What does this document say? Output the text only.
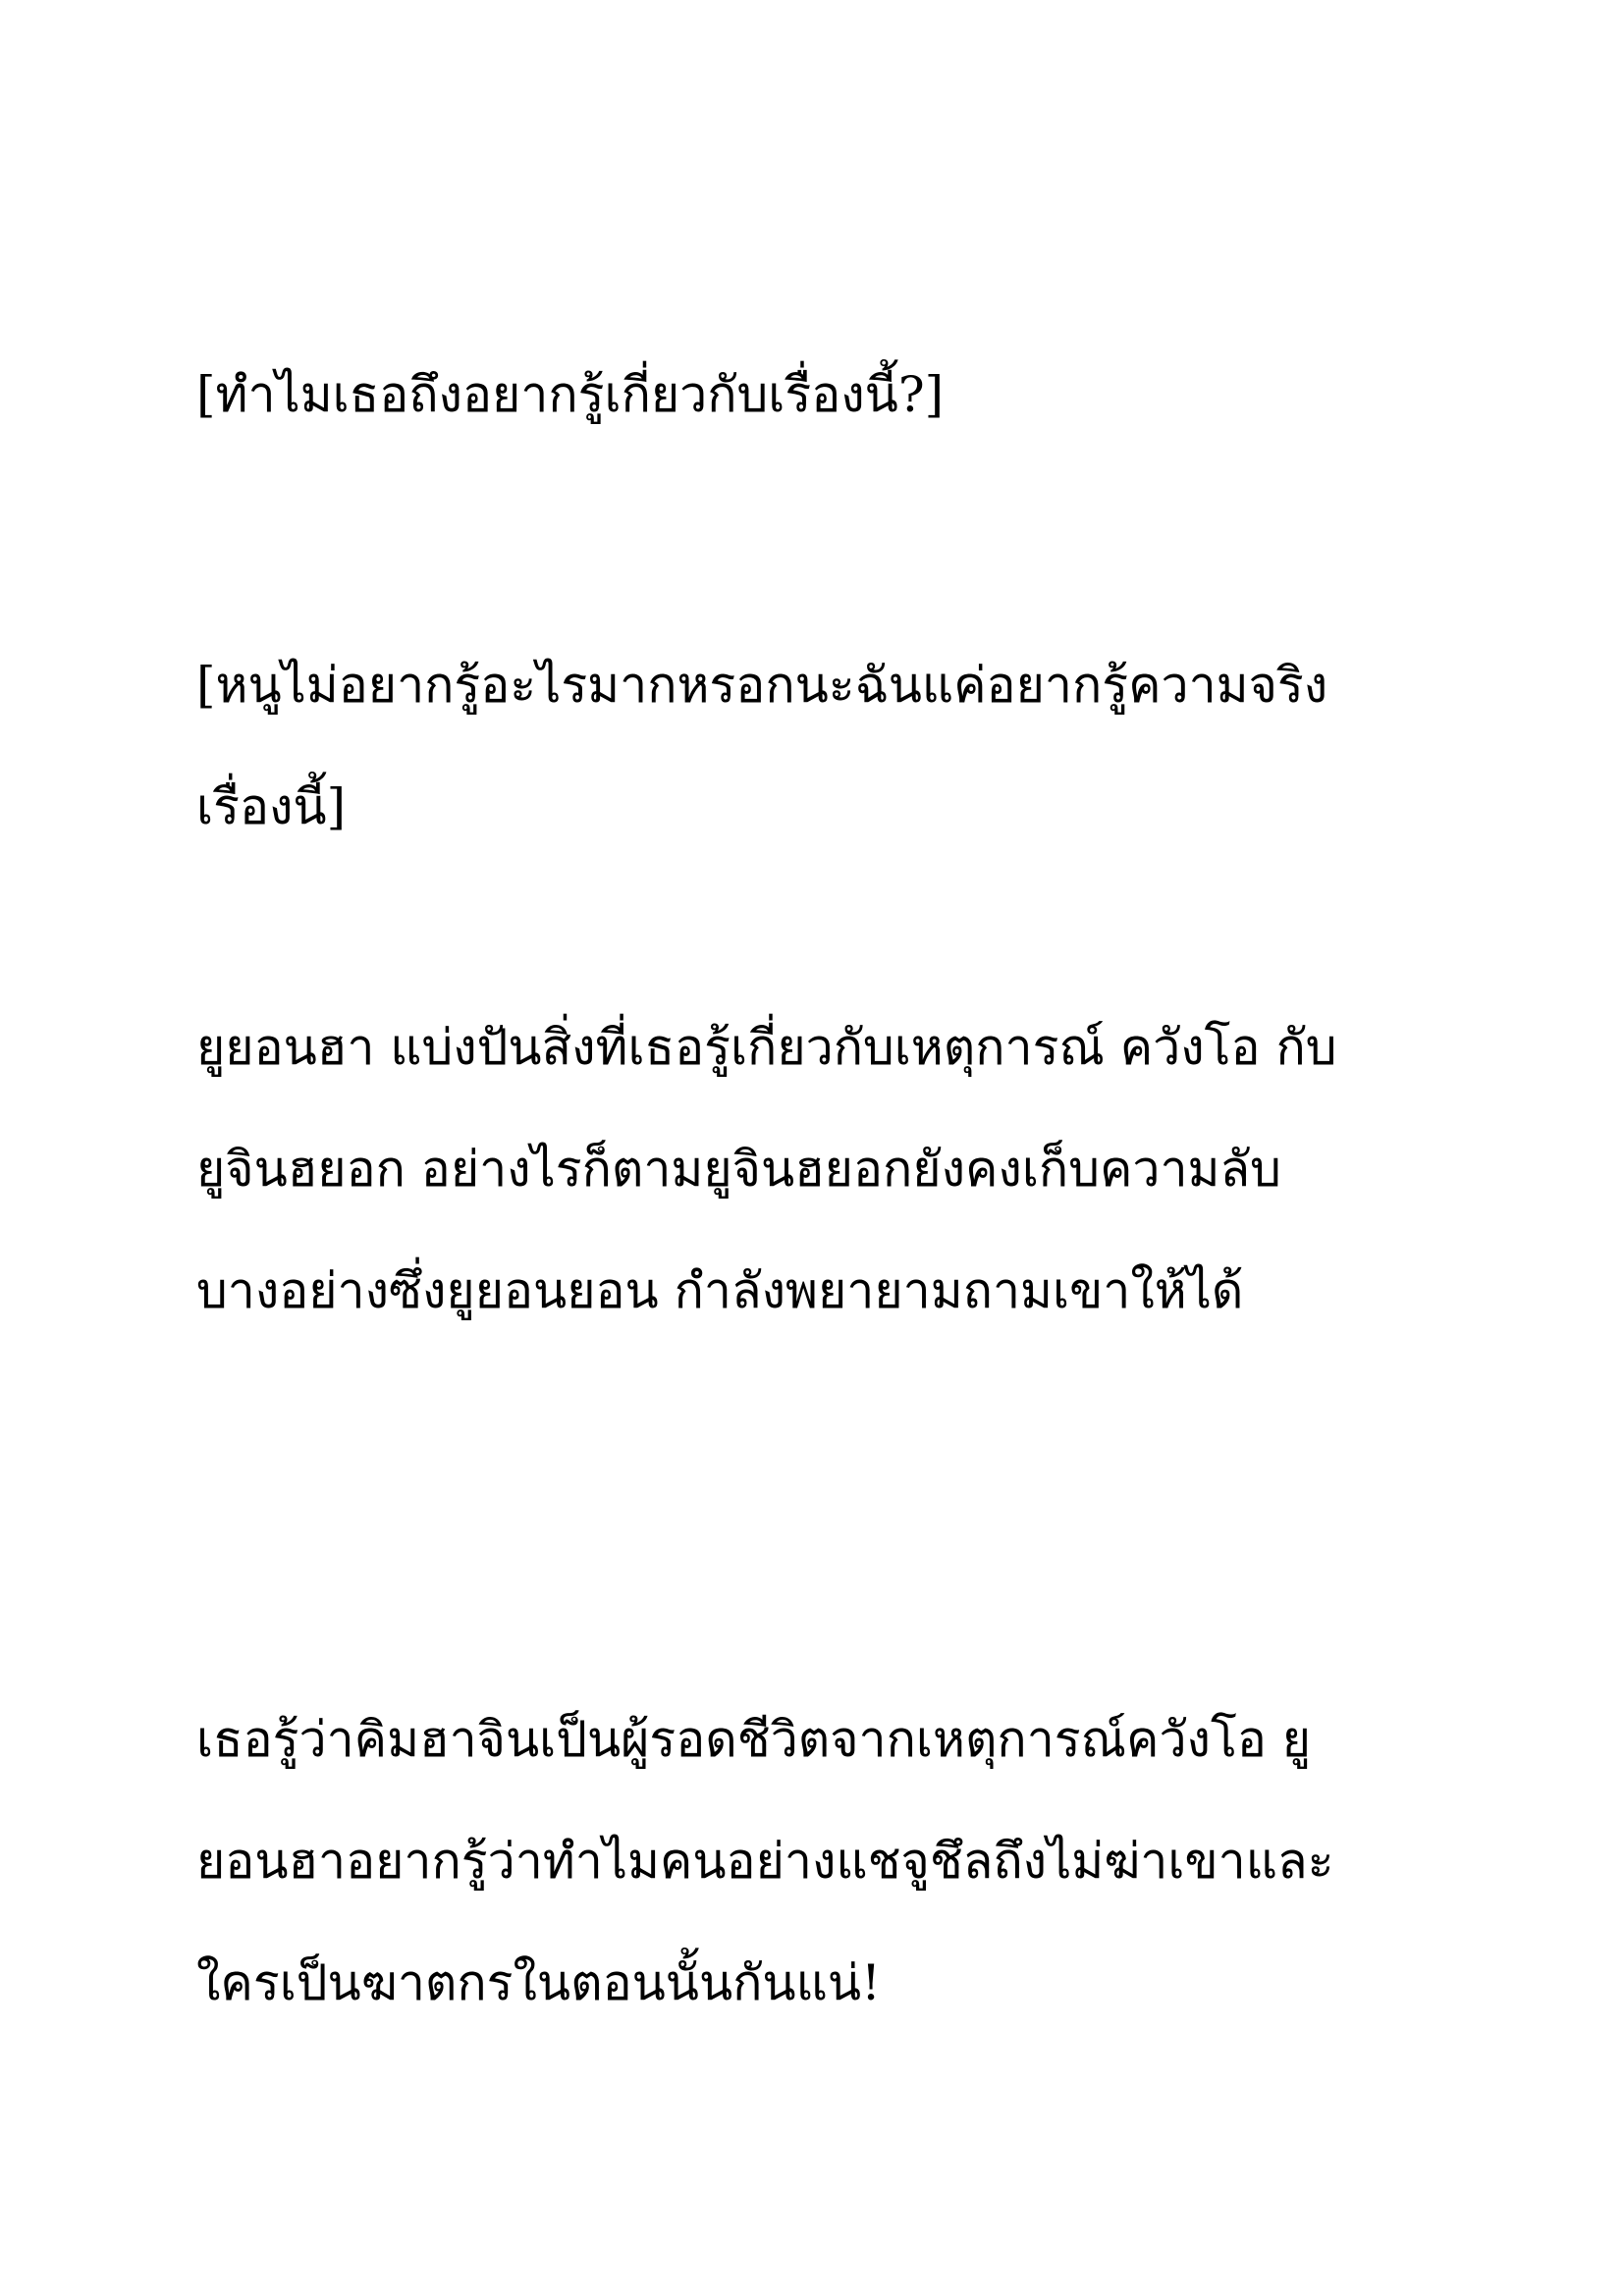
[ทำไมเธอถึงอยากรู้เกี่ยวกับเรื่องนี้?]

[หนูไม่อยากรู้อะไรมากหรอกนะฉันแค่อยากรู้ความจริง
เรื่องนี้]

ยูยอนฮา แบ่งปันสิ่งที่เธอรู้เกี่ยวกับเหตุการณ์ ควังโอ กับ
ยูจินฮยอก อย่างไรก็ตามยูจินฮยอกยังคงเก็บความลับ
บางอย่างซึ่งยูยอนยอน กำลังพยายามถามเขาให้ได้

เธอรู้ว่าคิมฮาจินเป็นผู้รอดชีวิตจากเหตุการณ์ควังโอ ยู
ยอนฮาอยากรู้ว่าทำไมคนอย่างแชจูชึลถึงไม่ฆ่าเขาและ
ใครเป็นฆาตกรในตอนนั้นกันแน่!
